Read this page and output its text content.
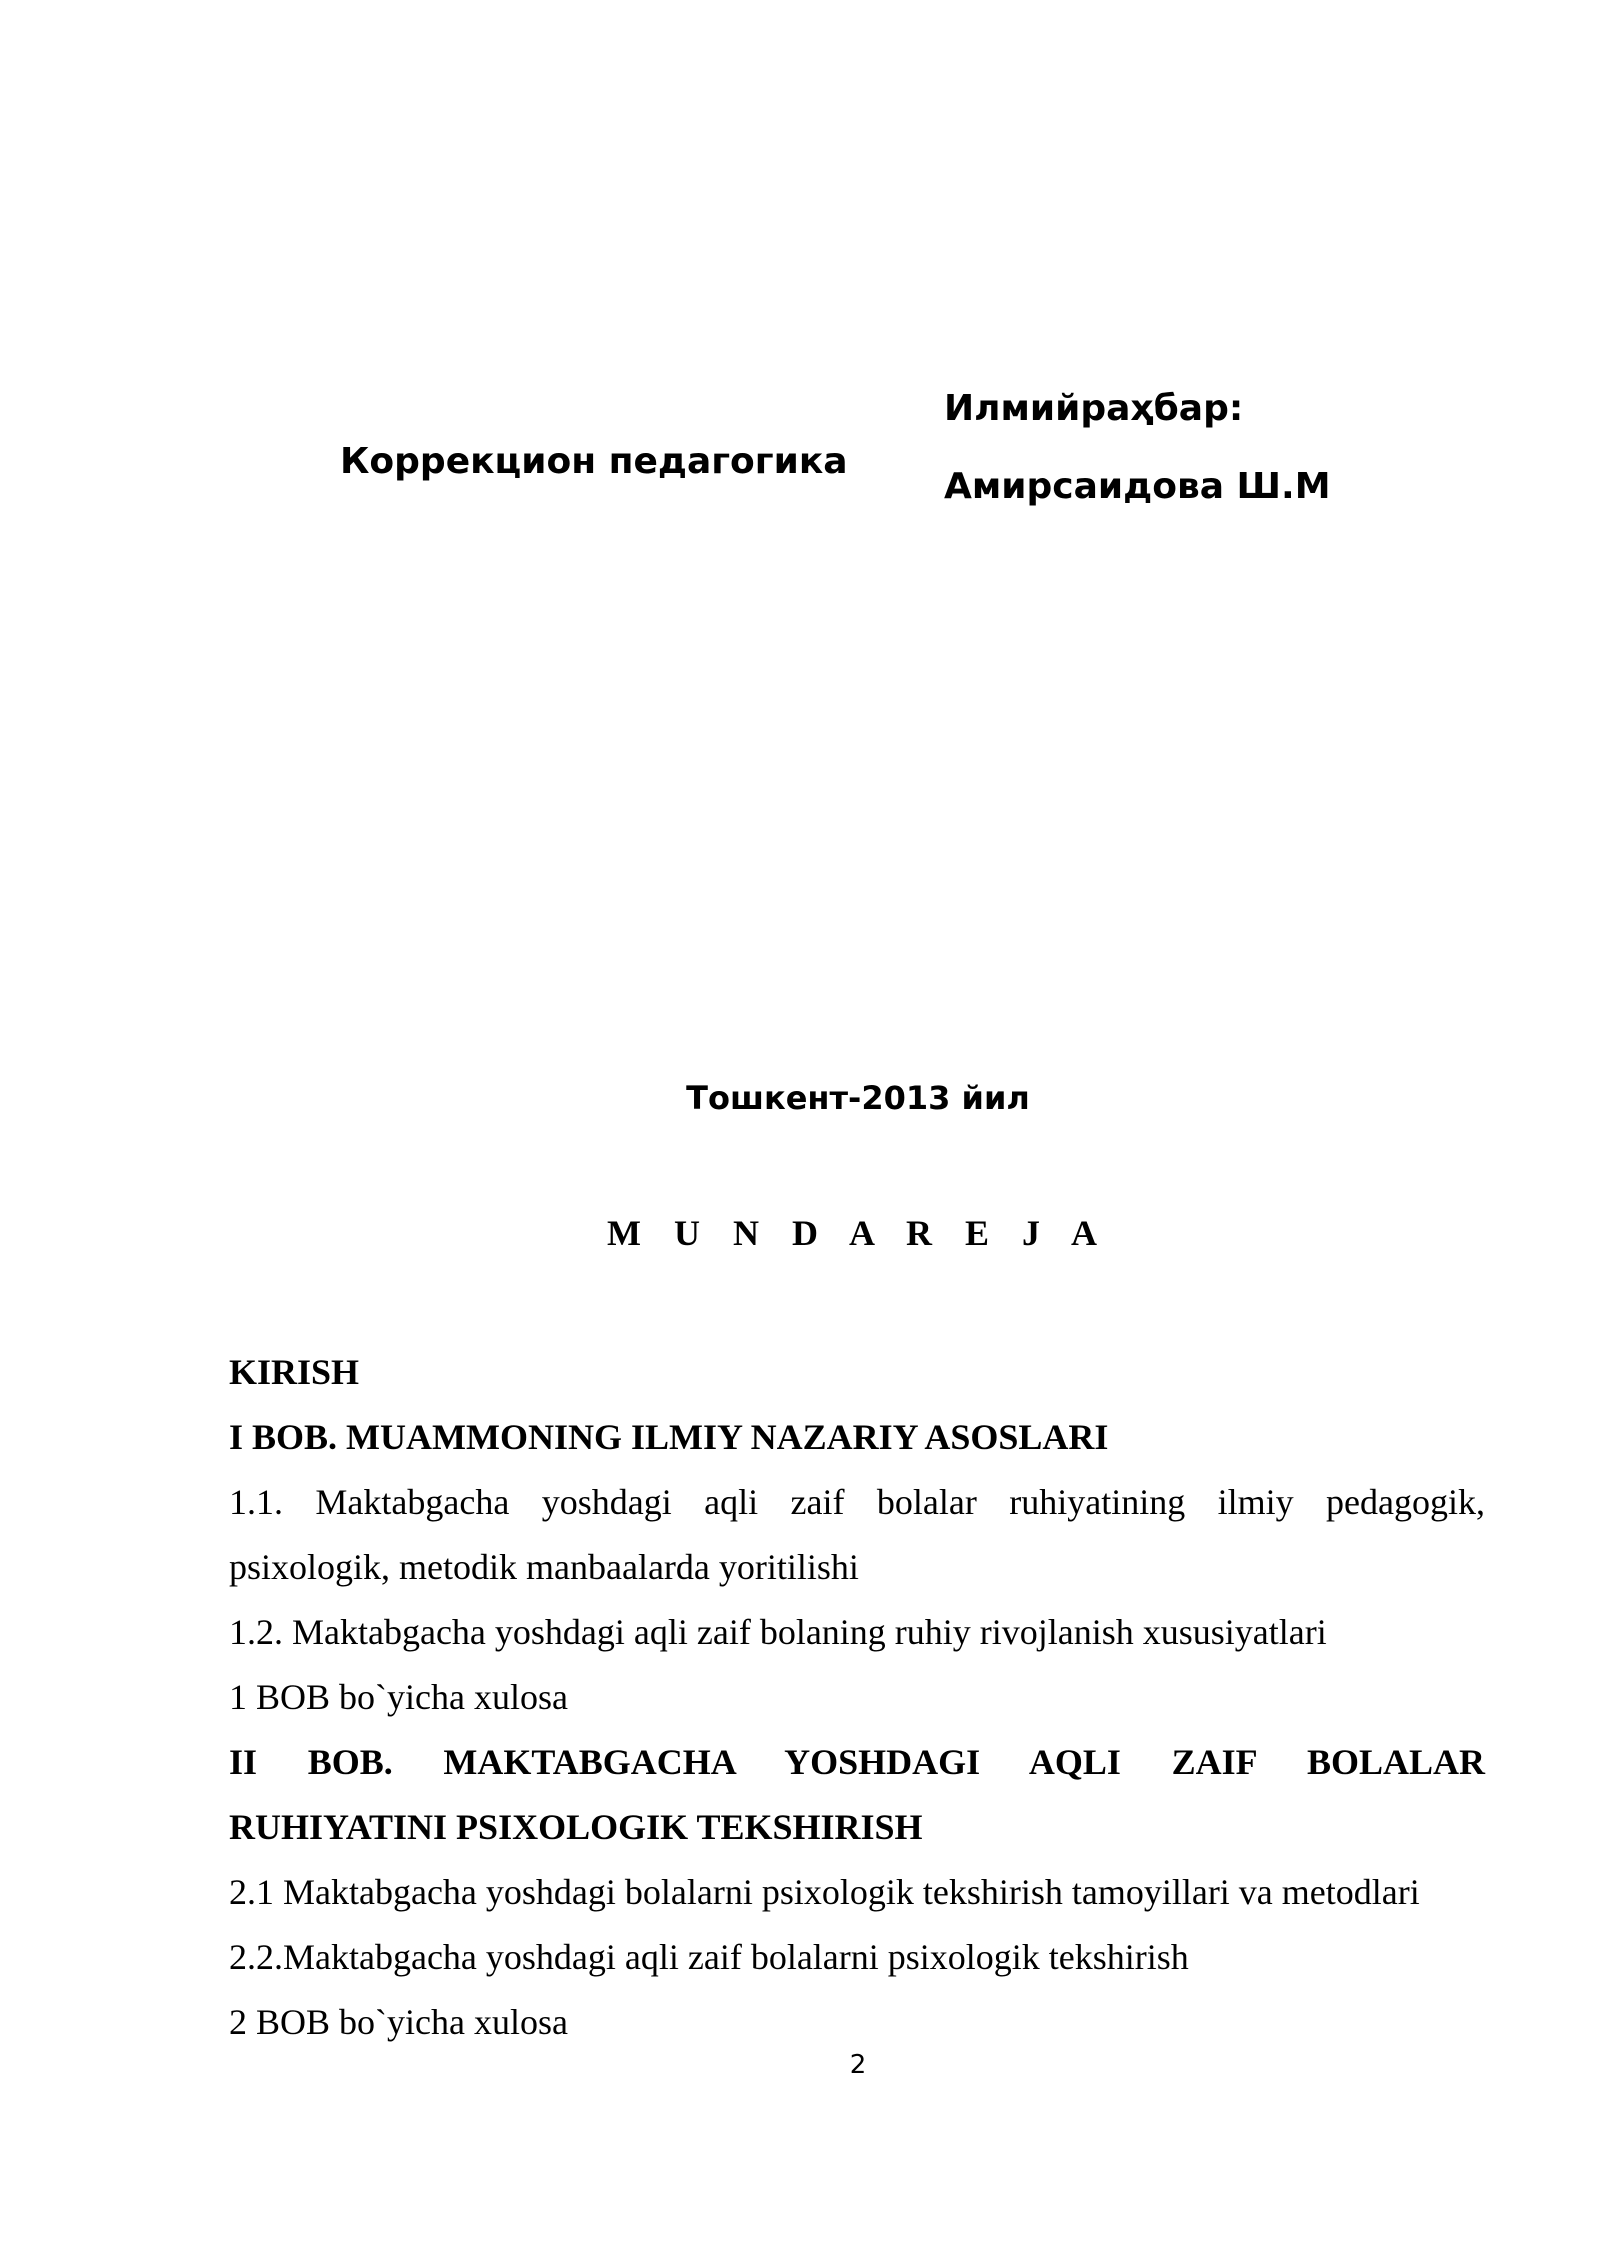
Коррекцион педагогика
Илмийраҳбар:
Амирсаидова Ш.М
Тошкент-2013 йил
M U N D A R E J A
KIRISH
I BOB. MUAMMONING ILMIY NAZARIY ASOSLARI
1.1. Maktabgacha yoshdagi aqli zaif bolalar ruhiyatining ilmiy pedagogik,
psixologik, metodik manbaalarda yoritilishi
1.2. Maktabgacha yoshdagi aqli zaif bolaning ruhiy rivojlanish xususiyatlari
1 BOB bo`yicha xulosa
II BOB. MAKTABGACHA YOSHDAGI AQLI ZAIF BOLALAR
RUHIYATINI PSIXOLOGIK TEKSHIRISH
2.1 Maktabgacha yoshdagi bolalarni psixologik tekshirish tamoyillari va metodlari
2.2.Maktabgacha yoshdagi aqli zaif bolalarni psixologik tekshirish
2 BOB bo`yicha xulosa
2
